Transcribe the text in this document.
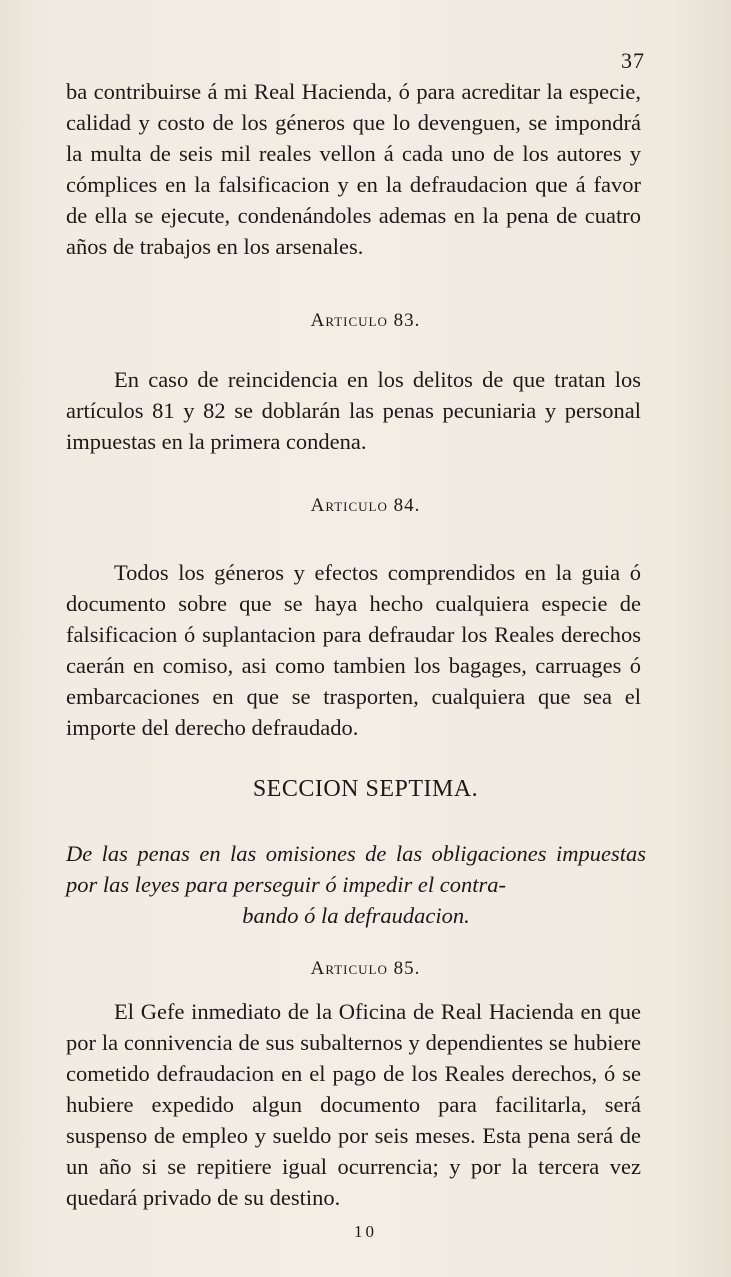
37

ba contribuirse á mi Real Hacienda, ó para acreditar la especie, calidad y costo de los géneros que lo devenguen, se impondrá la multa de seis mil reales vellon á cada uno de los autores y cómplices en la falsificacion y en la defraudacion que á favor de ella se ejecute, condenándoles ademas en la pena de cuatro años de trabajos en los arsenales.

Articulo 83.

En caso de reincidencia en los delitos de que tratan los artículos 81 y 82 se doblarán las penas pecuniaria y personal impuestas en la primera condena.

Articulo 84.

Todos los géneros y efectos comprendidos en la guia ó documento sobre que se haya hecho cualquiera especie de falsificacion ó suplantacion para defraudar los Reales derechos caerán en comiso, asi como tambien los bagages, carruages ó embarcaciones en que se trasporten, cualquiera que sea el importe del derecho defraudado.

SECCION SEPTIMA.
De las penas en las omisiones de las obligaciones impuestas por las leyes para perseguir ó impedir el contra-
bando ó la defraudacion.
Articulo 85.

El Gefe inmediato de la Oficina de Real Hacienda en que por la connivencia de sus subalternos y dependientes se hubiere cometido defraudacion en el pago de los Reales derechos, ó se hubiere expedido algun documento para facilitarla, será suspenso de empleo y sueldo por seis meses. Esta pena será de un año si se repitiere igual ocurrencia; y por la tercera vez quedará privado de su destino.

10
